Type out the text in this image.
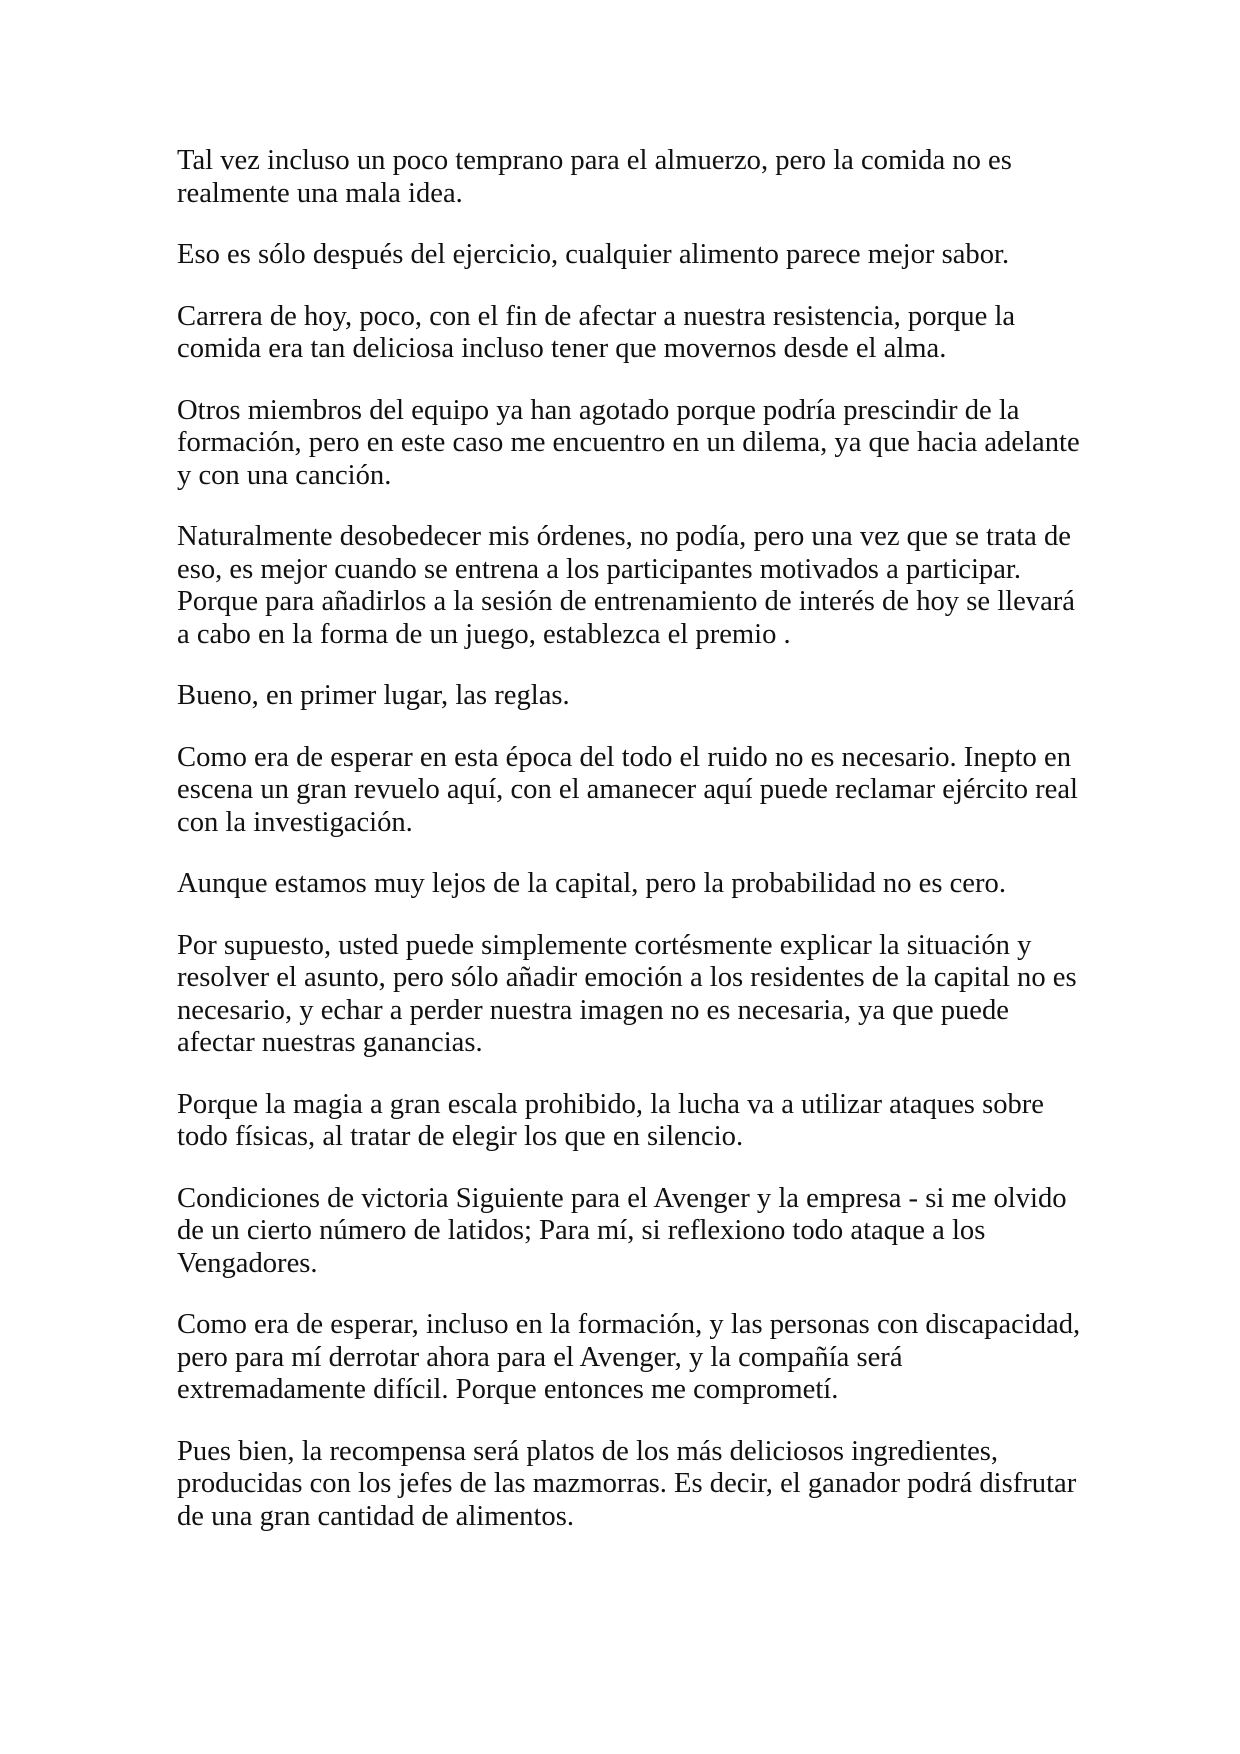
Tal vez incluso un poco temprano para el almuerzo, pero la comida no es realmente una mala idea.

Eso es sólo después del ejercicio, cualquier alimento parece mejor sabor.

Carrera de hoy, poco, con el fin de afectar a nuestra resistencia, porque la comida era tan deliciosa incluso tener que movernos desde el alma.

Otros miembros del equipo ya han agotado porque podría prescindir de la formación, pero en este caso me encuentro en un dilema, ya que hacia adelante y con una canción.

Naturalmente desobedecer mis órdenes, no podía, pero una vez que se trata de eso, es mejor cuando se entrena a los participantes motivados a participar. Porque para añadirlos a la sesión de entrenamiento de interés de hoy se llevará a cabo en la forma de un juego, establezca el premio .

Bueno, en primer lugar, las reglas.

Como era de esperar en esta época del todo el ruido no es necesario. Inepto en escena un gran revuelo aquí, con el amanecer aquí puede reclamar ejército real con la investigación.

Aunque estamos muy lejos de la capital, pero la probabilidad no es cero.

Por supuesto, usted puede simplemente cortésmente explicar la situación y resolver el asunto, pero sólo añadir emoción a los residentes de la capital no es necesario, y echar a perder nuestra imagen no es necesaria, ya que puede afectar nuestras ganancias.

Porque la magia a gran escala prohibido, la lucha va a utilizar ataques sobre todo físicas, al tratar de elegir los que en silencio.

Condiciones de victoria Siguiente para el Avenger y la empresa - si me olvido de un cierto número de latidos; Para mí, si reflexiono todo ataque a los Vengadores.

Como era de esperar, incluso en la formación, y las personas con discapacidad, pero para mí derrotar ahora para el Avenger, y la compañía será extremadamente difícil. Porque entonces me comprometí.

Pues bien, la recompensa será platos de los más deliciosos ingredientes, producidas con los jefes de las mazmorras. Es decir, el ganador podrá disfrutar de una gran cantidad de alimentos.
